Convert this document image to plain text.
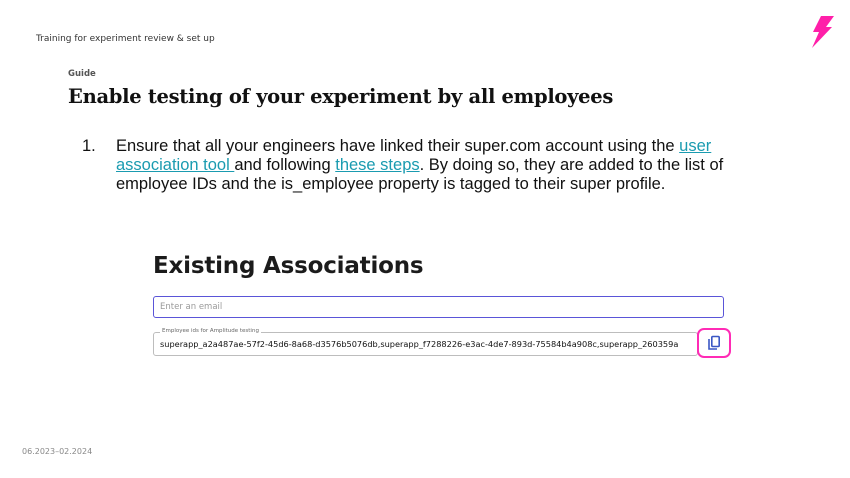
Training for experiment review & set up
Guide
Enable testing of your experiment by all employees
1.	Ensure that all your engineers have linked their super.com account using the user association tool and following these steps. By doing so, they are added to the list of employee IDs and the is_employee property is tagged to their super profile.

Existing Associations
Enter an email
Employee ids for Amplitude testing
superapp_a2a487ae-57f2-45d6-8a68-d3576b5076db,superapp_f7288226-e3ac-4de7-893d-75584b4a908c,superapp_260359a
06.2023–02.2024
